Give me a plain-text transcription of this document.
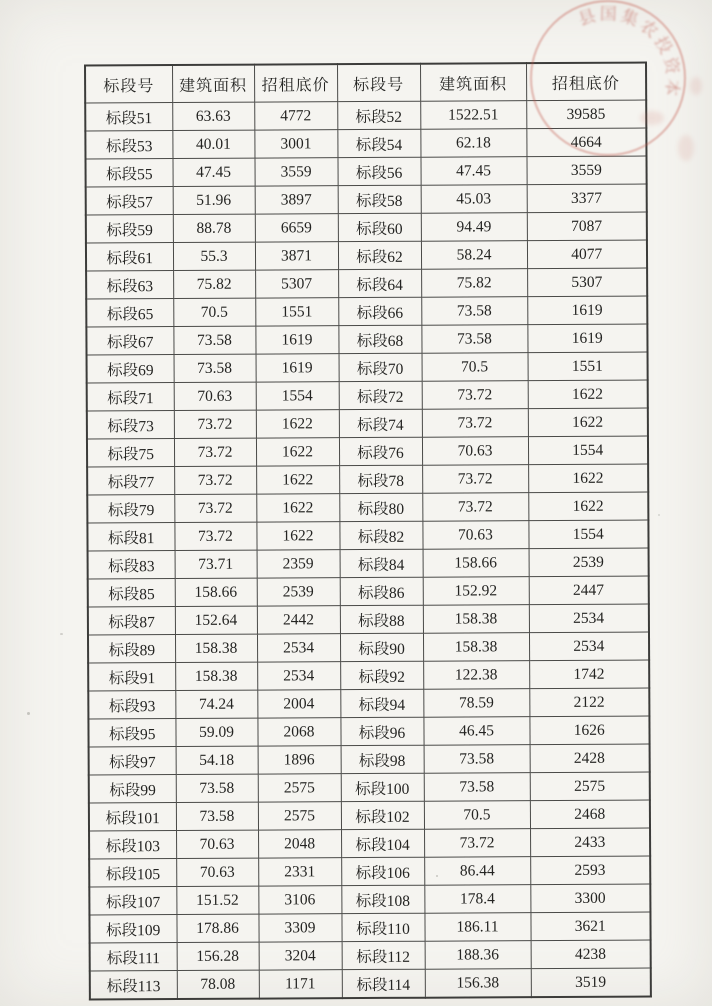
县国集农投资本
标段号	建筑面积	招租底价	标段号	建筑面积	招租底价
标段51	63.63	4772	标段52	1522.51	39585
标段53	40.01	3001	标段54	62.18	4664
标段55	47.45	3559	标段56	47.45	3559
标段57	51.96	3897	标段58	45.03	3377
标段59	88.78	6659	标段60	94.49	7087
标段61	55.3	3871	标段62	58.24	4077
标段63	75.82	5307	标段64	75.82	5307
标段65	70.5	1551	标段66	73.58	1619
标段67	73.58	1619	标段68	73.58	1619
标段69	73.58	1619	标段70	70.5	1551
标段71	70.63	1554	标段72	73.72	1622
标段73	73.72	1622	标段74	73.72	1622
标段75	73.72	1622	标段76	70.63	1554
标段77	73.72	1622	标段78	73.72	1622
标段79	73.72	1622	标段80	73.72	1622
标段81	73.72	1622	标段82	70.63	1554
标段83	73.71	2359	标段84	158.66	2539
标段85	158.66	2539	标段86	152.92	2447
标段87	152.64	2442	标段88	158.38	2534
标段89	158.38	2534	标段90	158.38	2534
标段91	158.38	2534	标段92	122.38	1742
标段93	74.24	2004	标段94	78.59	2122
标段95	59.09	2068	标段96	46.45	1626
标段97	54.18	1896	标段98	73.58	2428
标段99	73.58	2575	标段100	73.58	2575
标段101	73.58	2575	标段102	70.5	2468
标段103	70.63	2048	标段104	73.72	2433
标段105	70.63	2331	标段106	86.44	2593
标段107	151.52	3106	标段108	178.4	3300
标段109	178.86	3309	标段110	186.11	3621
标段111	156.28	3204	标段112	188.36	4238
标段113	78.08	1171	标段114	156.38	3519
